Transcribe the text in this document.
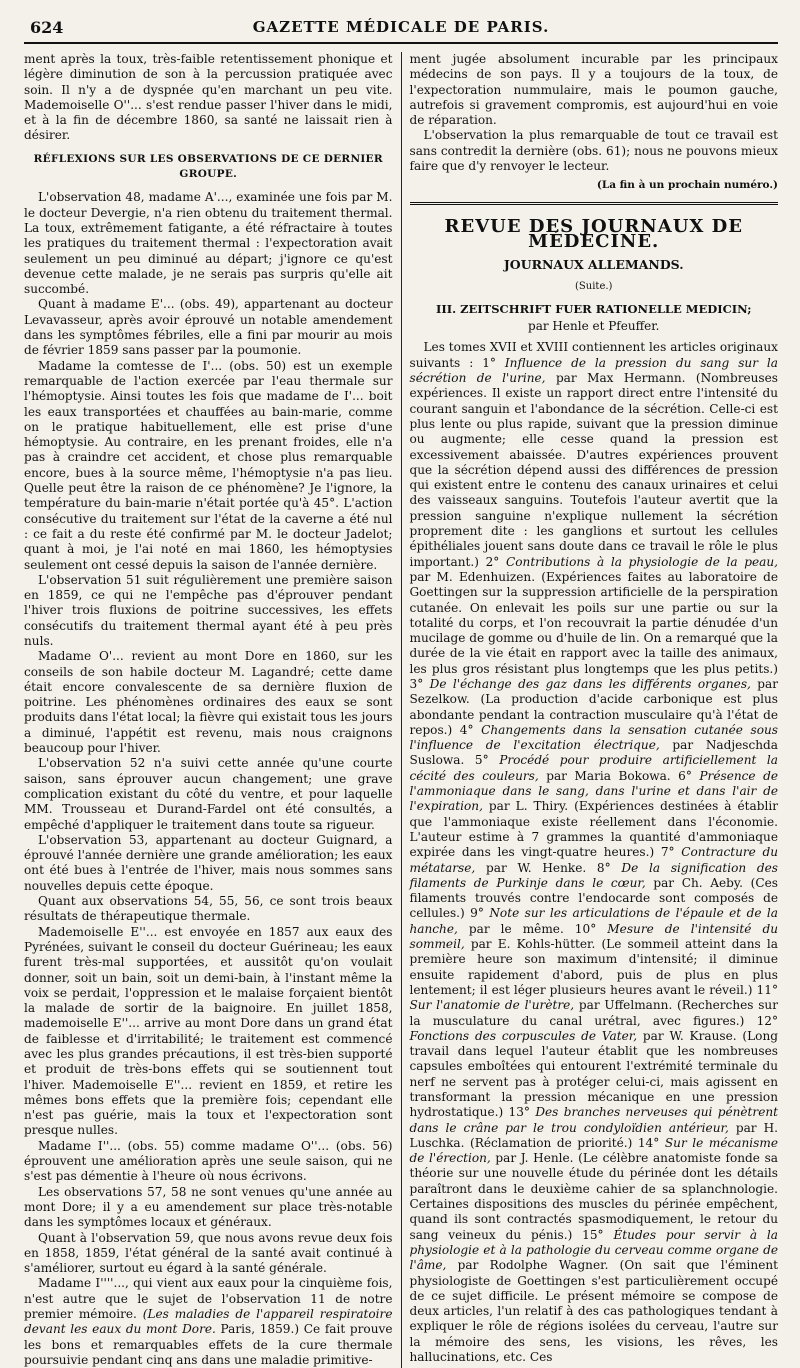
624	GAZETTE MÉDICALE DE PARIS.

ment après la toux, très-faible retentissement phonique et légère diminution de son à la percussion pratiquée avec soin. Il n'y a de dyspnée qu'en marchant un peu vite. Mademoiselle O''... s'est rendue passer l'hiver dans le midi, et à la fin de décembre 1860, sa santé ne laissait rien à désirer.

RÉFLEXIONS SUR LES OBSERVATIONS DE CE DERNIER GROUPE.

L'observation 48, madame A'..., examinée une fois par M. le docteur Devergie, n'a rien obtenu du traitement thermal. La toux, extrêmement fatigante, a été réfractaire à toutes les pratiques du traitement thermal : l'expectoration avait seulement un peu diminué au départ; j'ignore ce qu'est devenue cette malade, je ne serais pas surpris qu'elle ait succombé.

Quant à madame E'... (obs. 49), appartenant au docteur Levavasseur, après avoir éprouvé un notable amendement dans les symptômes fébriles, elle a fini par mourir au mois de février 1859 sans passer par la poumonie.

Madame la comtesse de I'... (obs. 50) est un exemple remarquable de l'action exercée par l'eau thermale sur l'hémoptysie. Ainsi toutes les fois que madame de I'... boit les eaux transportées et chauffées au bain-marie, comme on le pratique habituellement, elle est prise d'une hémoptysie. Au contraire, en les prenant froides, elle n'a pas à craindre cet accident, et chose plus remarquable encore, bues à la source même, l'hémoptysie n'a pas lieu. Quelle peut être la raison de ce phénomène? Je l'ignore, la température du bain-marie n'était portée qu'à 45°. L'action consécutive du traitement sur l'état de la caverne a été nul : ce fait a du reste été confirmé par M. le docteur Jadelot; quant à moi, je l'ai noté en mai 1860, les hémoptysies seulement ont cessé depuis la saison de l'année dernière.

L'observation 51 suit régulièrement une première saison en 1859, ce qui ne l'empêche pas d'éprouver pendant l'hiver trois fluxions de poitrine successives, les effets consécutifs du traitement thermal ayant été à peu près nuls.

Madame O'... revient au mont Dore en 1860, sur les conseils de son habile docteur M. Lagandré; cette dame était encore convalescente de sa dernière fluxion de poitrine. Les phénomènes ordinaires des eaux se sont produits dans l'état local; la fièvre qui existait tous les jours a diminué, l'appétit est revenu, mais nous craignons beaucoup pour l'hiver.

L'observation 52 n'a suivi cette année qu'une courte saison, sans éprouver aucun changement; une grave complication existant du côté du ventre, et pour laquelle MM. Trousseau et Durand-Fardel ont été consultés, a empêché d'appliquer le traitement dans toute sa rigueur.

L'observation 53, appartenant au docteur Guignard, a éprouvé l'année dernière une grande amélioration; les eaux ont été bues à l'entrée de l'hiver, mais nous sommes sans nouvelles depuis cette époque.

Quant aux observations 54, 55, 56, ce sont trois beaux résultats de thérapeutique thermale.

Mademoiselle E''... est envoyée en 1857 aux eaux des Pyrénées, suivant le conseil du docteur Guérineau; les eaux furent très-mal supportées, et aussitôt qu'on voulait donner, soit un bain, soit un demi-bain, à l'instant même la voix se perdait, l'oppression et le malaise forçaient bientôt la malade de sortir de la baignoire. En juillet 1858, mademoiselle E''... arrive au mont Dore dans un grand état de faiblesse et d'irritabilité; le traitement est commencé avec les plus grandes précautions, il est très-bien supporté et produit de très-bons effets qui se soutiennent tout l'hiver. Mademoiselle E''... revient en 1859, et retire les mêmes bons effets que la première fois; cependant elle n'est pas guérie, mais la toux et l'expectoration sont presque nulles.

Madame I''... (obs. 55) comme madame O''... (obs. 56) éprouvent une amélioration après une seule saison, qui ne s'est pas démentie à l'heure où nous écrivons.

Les observations 57, 58 ne sont venues qu'une année au mont Dore; il y a eu amendement sur place très-notable dans les symptômes locaux et généraux.

Quant à l'observation 59, que nous avons revue deux fois en 1858, 1859, l'état général de la santé avait continué à s'améliorer, surtout eu égard à la santé générale.

Madame I''''..., qui vient aux eaux pour la cinquième fois, n'est autre que le sujet de l'observation 11 de notre premier mémoire. (Les maladies de l'appareil respiratoire devant les eaux du mont Dore. Paris, 1859.) Ce fait prouve les bons et remarquables effets de la cure thermale poursuivie pendant cinq ans dans une maladie primitive-

ment jugée absolument incurable par les principaux médecins de son pays. Il y a toujours de la toux, de l'expectoration nummulaire, mais le poumon gauche, autrefois si gravement compromis, est aujourd'hui en voie de réparation.

L'observation la plus remarquable de tout ce travail est sans contredit la dernière (obs. 61); nous ne pouvons mieux faire que d'y renvoyer le lecteur.

(La fin à un prochain numéro.)
REVUE DES JOURNAUX DE MÉDECINE.
JOURNAUX ALLEMANDS.
(Suite.)
III. ZEITSCHRIFT FUER RATIONELLE MEDICIN;
par Henle et Pfeuffer.

Les tomes XVII et XVIII contiennent les articles originaux suivants : 1° Influence de la pression du sang sur la sécrétion de l'urine, par Max Hermann. (Nombreuses expériences. Il existe un rapport direct entre l'intensité du courant sanguin et l'abondance de la sécrétion. Celle-ci est plus lente ou plus rapide, suivant que la pression diminue ou augmente; elle cesse quand la pression est excessivement abaissée. D'autres expériences prouvent que la sécrétion dépend aussi des différences de pression qui existent entre le contenu des canaux urinaires et celui des vaisseaux sanguins. Toutefois l'auteur avertit que la pression sanguine n'explique nullement la sécrétion proprement dite : les ganglions et surtout les cellules épithéliales jouent sans doute dans ce travail le rôle le plus important.) 2° Contributions à la physiologie de la peau, par M. Edenhuizen. (Expériences faites au laboratoire de Goettingen sur la suppression artificielle de la perspiration cutanée. On enlevait les poils sur une partie ou sur la totalité du corps, et l'on recouvrait la partie dénudée d'un mucilage de gomme ou d'huile de lin. On a remarqué que la durée de la vie était en rapport avec la taille des animaux, les plus gros résistant plus longtemps que les plus petits.) 3° De l'échange des gaz dans les différents organes, par Sezelkow. (La production d'acide carbonique est plus abondante pendant la contraction musculaire qu'à l'état de repos.) 4° Changements dans la sensation cutanée sous l'influence de l'excitation électrique, par Nadjeschda Suslowa. 5° Procédé pour produire artificiellement la cécité des couleurs, par Maria Bokowa. 6° Présence de l'ammoniaque dans le sang, dans l'urine et dans l'air de l'expiration, par L. Thiry. (Expériences destinées à établir que l'ammoniaque existe réellement dans l'économie. L'auteur estime à 7 grammes la quantité d'ammoniaque expirée dans les vingt-quatre heures.) 7° Contracture du métatarse, par W. Henke. 8° De la signification des filaments de Purkinje dans le cœur, par Ch. Aeby. (Ces filaments trouvés contre l'endocarde sont composés de cellules.) 9° Note sur les articulations de l'épaule et de la hanche, par le même. 10° Mesure de l'intensité du sommeil, par E. Kohls-hütter. (Le sommeil atteint dans la première heure son maximum d'intensité; il diminue ensuite rapidement d'abord, puis de plus en plus lentement; il est léger plusieurs heures avant le réveil.) 11° Sur l'anatomie de l'urètre, par Uffelmann. (Recherches sur la musculature du canal urétral, avec figures.) 12° Fonctions des corpuscules de Vater, par W. Krause. (Long travail dans lequel l'auteur établit que les nombreuses capsules emboîtées qui entourent l'extrémité terminale du nerf ne servent pas à protéger celui-ci, mais agissent en transformant la pression mécanique en une pression hydrostatique.) 13° Des branches nerveuses qui pénètrent dans le crâne par le trou condyloïdien antérieur, par H. Luschka. (Réclamation de priorité.) 14° Sur le mécanisme de l'érection, par J. Henle. (Le célèbre anatomiste fonde sa théorie sur une nouvelle étude du périnée dont les détails paraîtront dans le deuxième cahier de sa splanchnologie. Certaines dispositions des muscles du périnée empêchent, quand ils sont contractés spasmodiquement, le retour du sang veineux du pénis.) 15° Études pour servir à la physiologie et à la pathologie du cerveau comme organe de l'âme, par Rodolphe Wagner. (On sait que l'éminent physiologiste de Goettingen s'est particulièrement occupé de ce sujet difficile. Le présent mémoire se compose de deux articles, l'un relatif à des cas pathologiques tendant à expliquer le rôle de régions isolées du cerveau, l'autre sur la mémoire des sens, les visions, les rêves, les hallucinations, etc. Ces
